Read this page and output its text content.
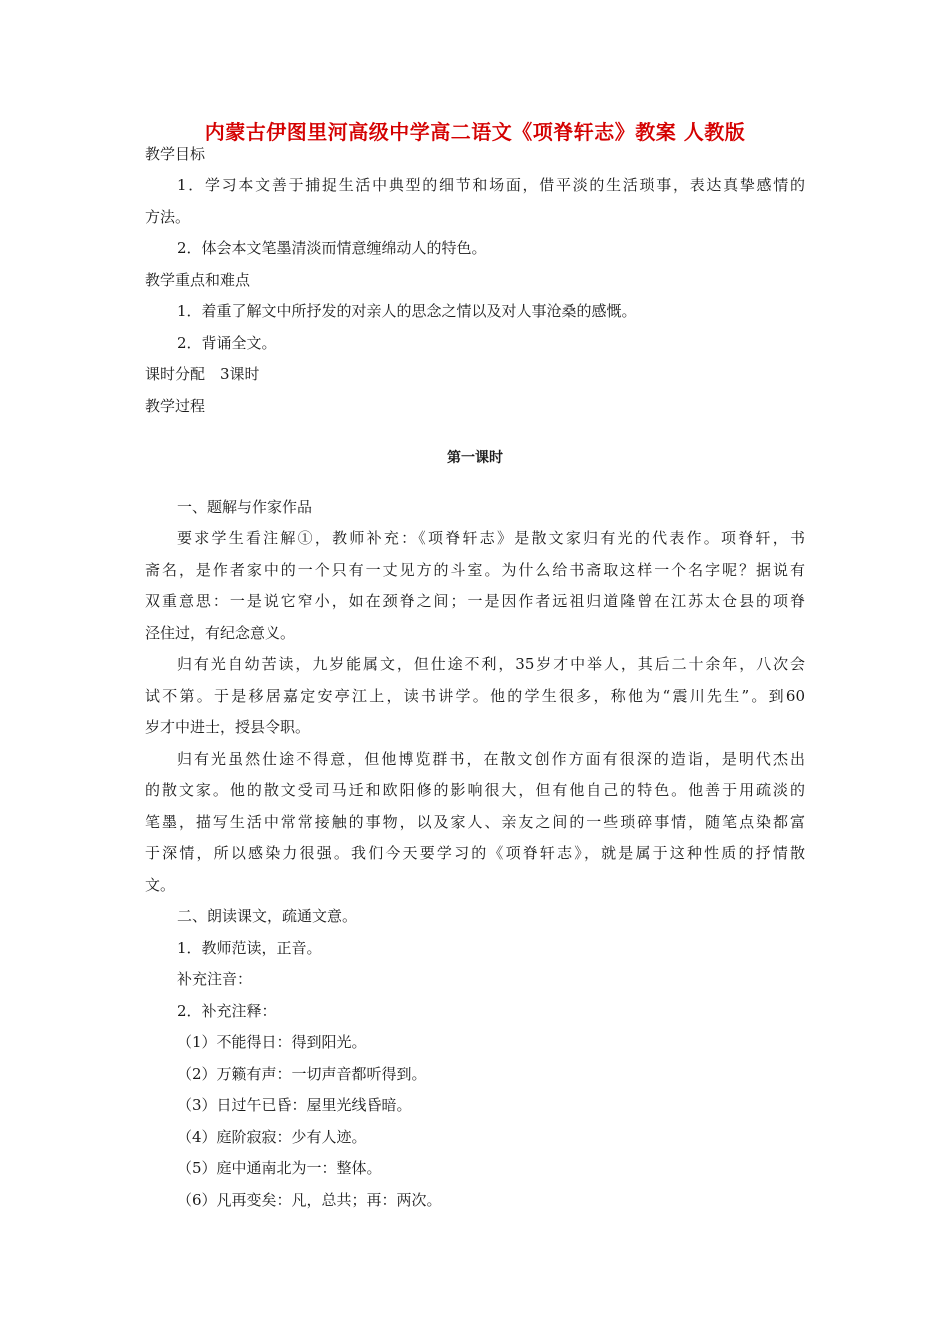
内蒙古伊图里河高级中学高二语文《项脊轩志》教案 人教版
教学目标
1．学习本文善于捕捉生活中典型的细节和场面，借平淡的生活琐事，表达真挚感情的
方法。
2．体会本文笔墨清淡而情意缠绵动人的特色。
教学重点和难点
1．着重了解文中所抒发的对亲人的思念之情以及对人事沧桑的感慨。
2．背诵全文。
课时分配　3课时
教学过程
第一课时
一、题解与作家作品
要求学生看注解①，教师补充：《项脊轩志》是散文家归有光的代表作。项脊轩，书
斋名，是作者家中的一个只有一丈见方的斗室。为什么给书斋取这样一个名字呢？据说有
双重意思：一是说它窄小，如在颈脊之间；一是因作者远祖归道隆曾在江苏太仓县的项脊
泾住过，有纪念意义。
归有光自幼苦读，九岁能属文，但仕途不利，35岁才中举人，其后二十余年，八次会
试不第。于是移居嘉定安亭江上，读书讲学。他的学生很多，称他为“震川先生”。到60
岁才中进士，授县令职。
归有光虽然仕途不得意，但他博览群书，在散文创作方面有很深的造诣，是明代杰出
的散文家。他的散文受司马迁和欧阳修的影响很大，但有他自己的特色。他善于用疏淡的
笔墨，描写生活中常常接触的事物，以及家人、亲友之间的一些琐碎事情，随笔点染都富
于深情，所以感染力很强。我们今天要学习的《项脊轩志》，就是属于这种性质的抒情散
文。
二、朗读课文，疏通文意。
1．教师范读，正音。
补充注音：
2．补充注释：
（1）不能得日：得到阳光。
（2）万籁有声：一切声音都听得到。
（3）日过午已昏：屋里光线昏暗。
（4）庭阶寂寂：少有人迹。
（5）庭中通南北为一：整体。
（6）凡再变矣：凡，总共；再：两次。
